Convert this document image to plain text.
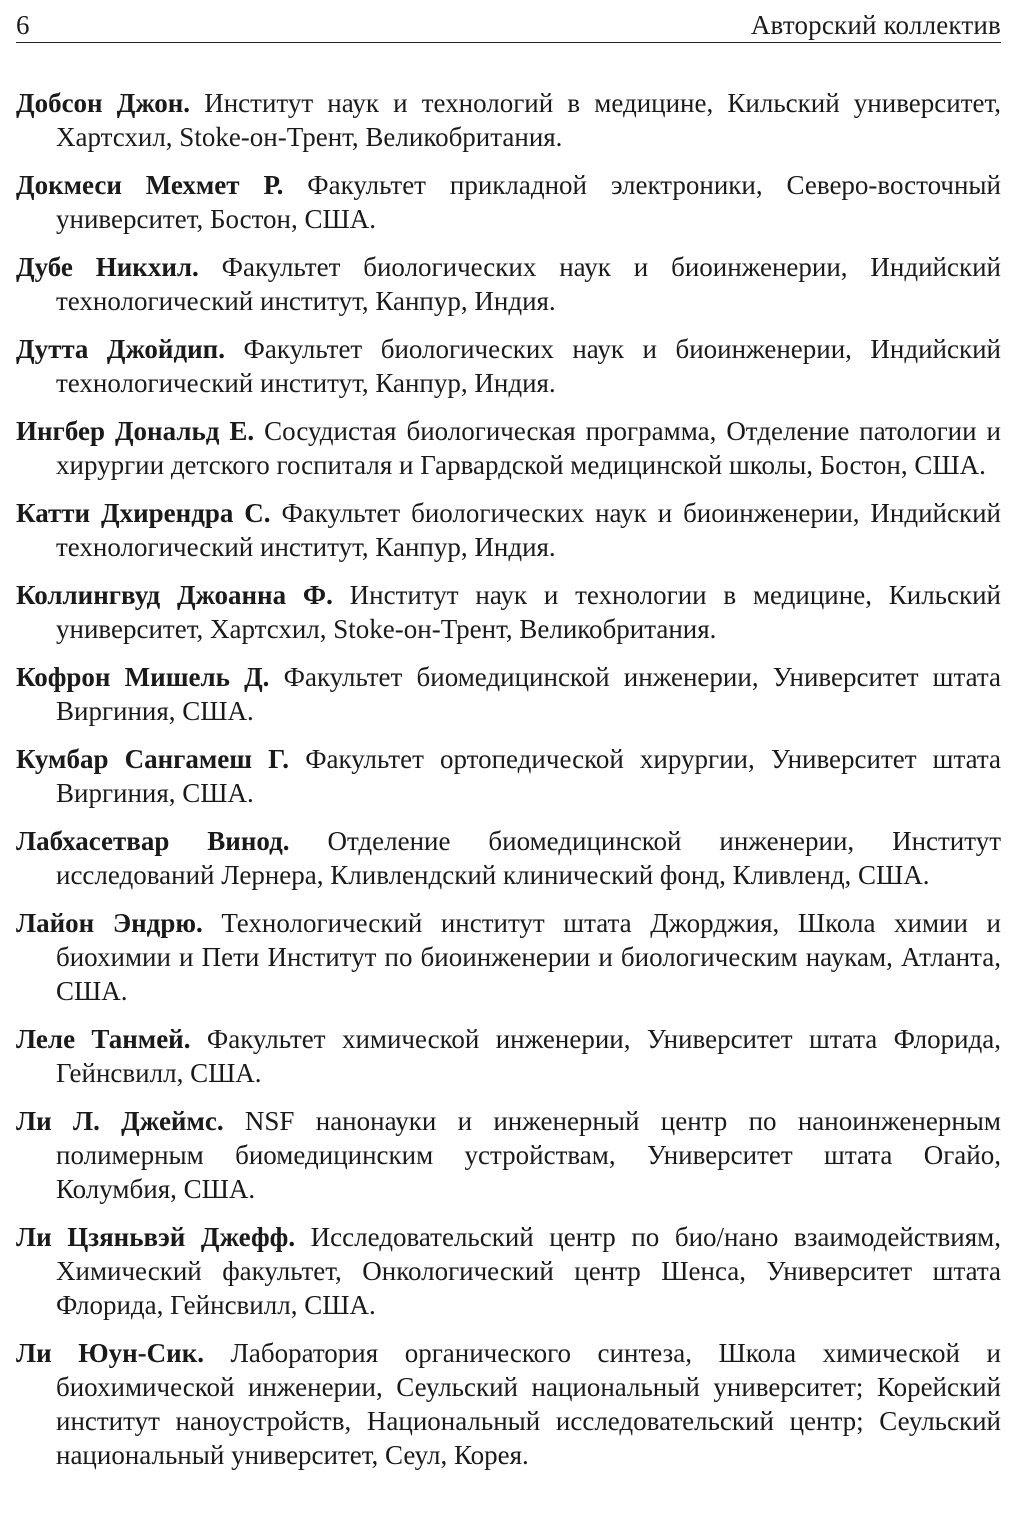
6	Авторский коллектив

Добсон Джон. Институт наук и технологий в медицине, Кильский университет, Хартсхил, Stoke-он-Трент, Великобритания.

Докмеси Мехмет Р. Факультет прикладной электроники, Северо-восточный университет, Бостон, США.

Дубе Никхил. Факультет биологических наук и биоинженерии, Индийский технологический институт, Канпур, Индия.

Дутта Джойдип. Факультет биологических наук и биоинженерии, Индийский технологический институт, Канпур, Индия.

Ингбер Дональд Е. Сосудистая биологическая программа, Отделение патологии и хирургии детского госпиталя и Гарвардской медицинской школы, Бостон, США.

Катти Дхирендра С. Факультет биологических наук и биоинженерии, Индийский технологический институт, Канпур, Индия.

Коллингвуд Джоанна Ф. Институт наук и технологии в медицине, Кильский университет, Хартсхил, Stoke-он-Трент, Великобритания.

Кофрон Мишель Д. Факультет биомедицинской инженерии, Университет штата Виргиния, США.

Кумбар Сангамеш Г. Факультет ортопедической хирургии, Университет штата Виргиния, США.

Лабхасетвар Винод. Отделение биомедицинской инженерии, Институт исследований Лернера, Кливлендский клинический фонд, Кливленд, США.

Лайон Эндрю. Технологический институт штата Джорджия, Школа химии и биохимии и Пети Институт по биоинженерии и биологическим наукам, Атланта, США.

Леле Танмей. Факультет химической инженерии, Университет штата Флорида, Гейнсвилл, США.

Ли Л. Джеймс. NSF нанонауки и инженерный центр по наноинженерным полимерным биомедицинским устройствам, Университет штата Огайо, Колумбия, США.

Ли Цзяньвэй Джефф. Исследовательский центр по био/нано взаимодействиям, Химический факультет, Онкологический центр Шенса, Университет штата Флорида, Гейнсвилл, США.

Ли Юун-Сик. Лаборатория органического синтеза, Школа химической и биохимической инженерии, Сеульский национальный университет; Корейский институт наноустройств, Национальный исследовательский центр; Сеульский национальный университет, Сеул, Корея.
